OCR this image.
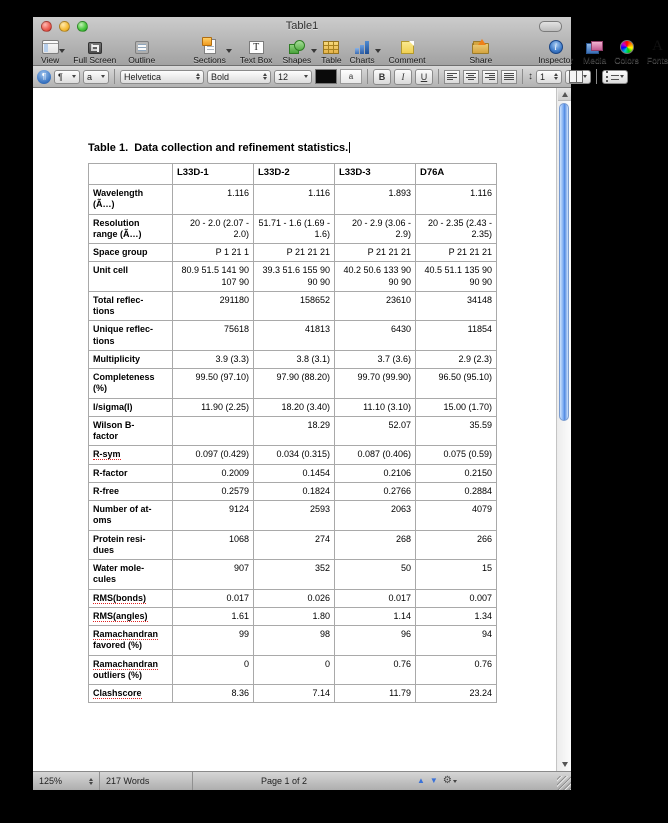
Table1
View Full Screen Outline	Sections
T
Text Box Shapes Table Charts Comment	Share
i
Inspector Media Colors
A
Fonts
¶ ¶	a	Helvetica	Bold	12	a	B I U	↕ 1
Table 1.  Data collection and refinement statistics.
	L33D-1	L33D-2	L33D-3	D76A
Wavelength
(Ã…)	1.116	1.116	1.893	1.116
Resolution
range (Ã…)	20 - 2.0 (2.07 - 2.0)	51.71 - 1.6 (1.69 - 1.6)	20 - 2.9 (3.06 - 2.9)	20 - 2.35 (2.43 - 2.35)
Space group	P 1 21 1	P 21 21 21	P 21 21 21	P 21 21 21
Unit cell	80.9 51.5 141 90 107 90	39.3 51.6 155 90 90 90	40.2 50.6 133 90 90 90	40.5 51.1 135 90 90 90
Total reflec-
tions	291180	158652	23610	34148
Unique reflec-
tions	75618	41813	6430	11854
Multiplicity	3.9 (3.3)	3.8 (3.1)	3.7 (3.6)	2.9 (2.3)
Completeness
(%)	99.50 (97.10)	97.90 (88.20)	99.70 (99.90)	96.50 (95.10)
I/sigma(I)	11.90 (2.25)	18.20 (3.40)	11.10 (3.10)	15.00 (1.70)
Wilson B-
factor		18.29	52.07	35.59
R-sym	0.097 (0.429)	0.034 (0.315)	0.087 (0.406)	0.075 (0.59)
R-factor	0.2009	0.1454	0.2106	0.2150
R-free	0.2579	0.1824	0.2766	0.2884
Number of at-
oms	9124	2593	2063	4079
Protein resi-
dues	1068	274	268	266
Water mole-
cules	907	352	50	15
RMS(bonds)	0.017	0.026	0.017	0.007
RMS(angles)	1.61	1.80	1.14	1.34
Ramachandran
favored (%)	99	98	96	94
Ramachandran
outliers (%)	0	0	0.76	0.76
Clashscore	8.36	7.14	11.79	23.24
125%	217 Words	Page 1 of 2	▲ ▼ ⚙
